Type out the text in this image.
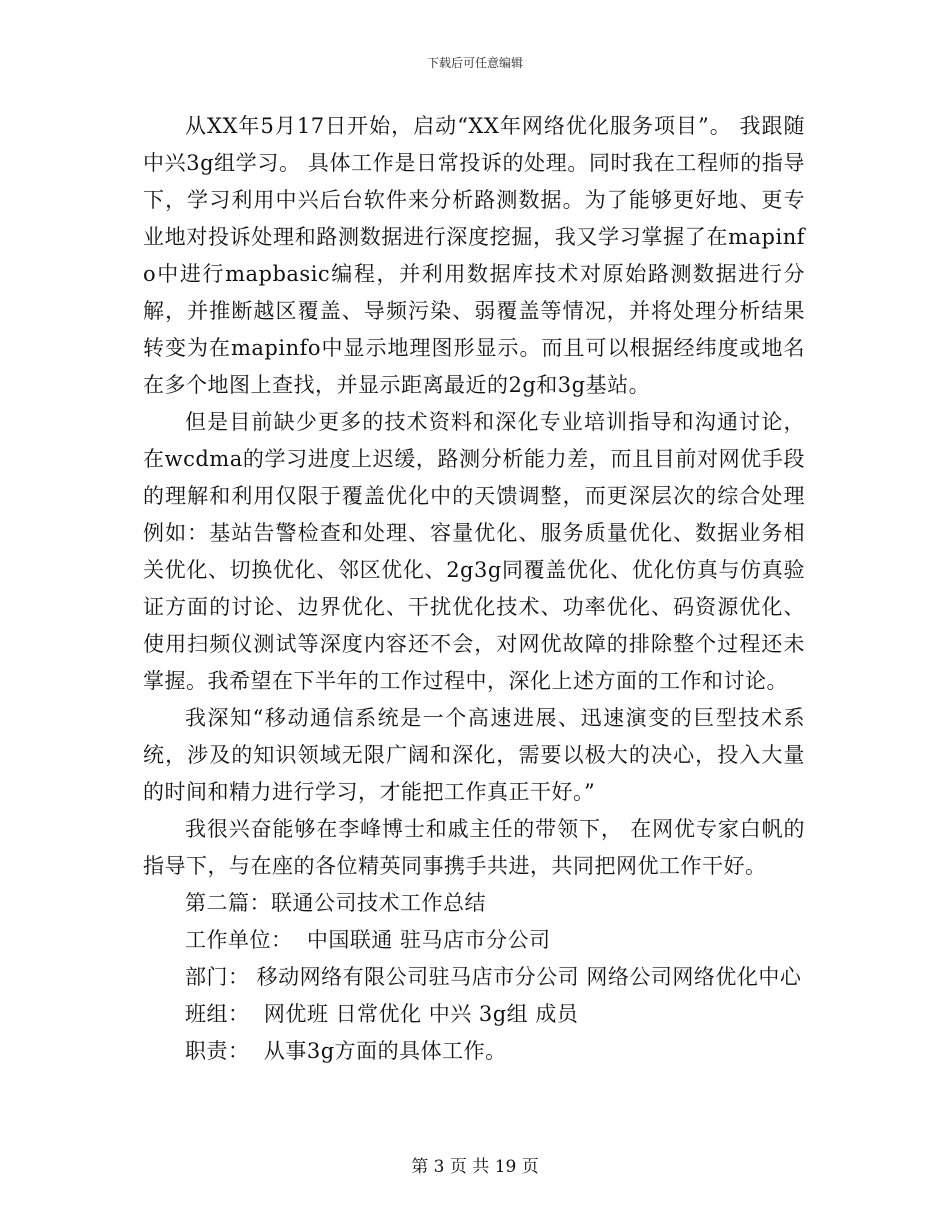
下载后可任意编辑

从XX年5月17日开始，启动“XX年网络优化服务项目”。 我跟随中兴3g组学习。 具体工作是日常投诉的处理。同时我在工程师的指导下，学习利用中兴后台软件来分析路测数据。为了能够更好地、更专业地对投诉处理和路测数据进行深度挖掘，我又学习掌握了在mapinfo中进行mapbasic编程，并利用数据库技术对原始路测数据进行分解，并推断越区覆盖、导频污染、弱覆盖等情况，并将处理分析结果转变为在mapinfo中显示地理图形显示。而且可以根据经纬度或地名在多个地图上查找，并显示距离最近的2g和3g基站。

但是目前缺少更多的技术资料和深化专业培训指导和沟通讨论，在wcdma的学习进度上迟缓，路测分析能力差，而且目前对网优手段的理解和利用仅限于覆盖优化中的天馈调整，而更深层次的综合处理例如：基站告警检查和处理、容量优化、服务质量优化、数据业务相关优化、切换优化、邻区优化、2g3g同覆盖优化、优化仿真与仿真验证方面的讨论、边界优化、干扰优化技术、功率优化、码资源优化、使用扫频仪测试等深度内容还不会，对网优故障的排除整个过程还未掌握。我希望在下半年的工作过程中，深化上述方面的工作和讨论。

我深知“移动通信系统是一个高速进展、迅速演变的巨型技术系统，涉及的知识领域无限广阔和深化，需要以极大的决心，投入大量的时间和精力进行学习，才能把工作真正干好。”

我很兴奋能够在李峰博士和戚主任的带领下， 在网优专家白帆的指导下，与在座的各位精英同事携手共进，共同把网优工作干好。

第二篇：联通公司技术工作总结

工作单位：  中国联通 驻马店市分公司

部门： 移动网络有限公司驻马店市分公司 网络公司网络优化中心

班组：  网优班 日常优化 中兴 3g组 成员

职责：  从事3g方面的具体工作。

第 3 页 共 19 页
